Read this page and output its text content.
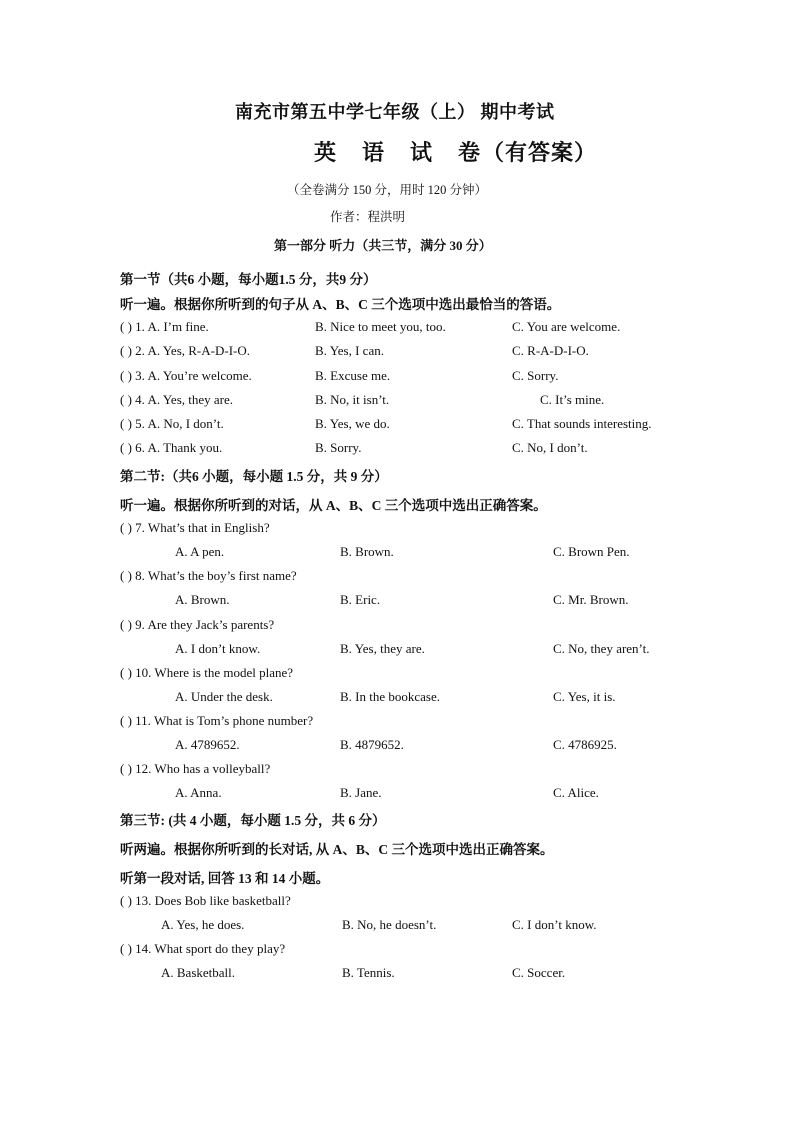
南充市第五中学七年级（上） 期中考试
英 语 试 卷 （有答案）
（全卷满分 150 分，用时 120 分钟）
作者：程洪明
第一部分 听力（共三节，满分 30 分）
第一节（共6 小题，每小题1.5 分，共9 分）
听一遍。根据你所听到的句子从 A、B、C 三个选项中选出最恰当的答语。
( ) 1. A. I’m fine.	B. Nice to meet you, too.	C. You are welcome.
( ) 2. A. Yes, R-A-D-I-O.	B. Yes, I can.	C. R-A-D-I-O.
( ) 3. A. You’re welcome.	B. Excuse me.	C. Sorry.
( ) 4. A. Yes, they are.	B. No, it isn’t.	C. It’s mine.
( ) 5. A. No, I don’t.	B. Yes, we do.	C. That sounds interesting.
( ) 6. A. Thank you.	B. Sorry.	C. No, I don’t.
第二节:（共6 小题，每小题 1.5 分，共 9 分）
听一遍。根据你所听到的对话，从 A、B、C 三个选项中选出正确答案。
( ) 7. What’s that in English?
A. A pen.	B. Brown.	C. Brown Pen.
( ) 8. What’s the boy’s first name?
A. Brown.	B. Eric.	C. Mr. Brown.
( ) 9. Are they Jack’s parents?
A. I don’t know.	B. Yes, they are.	C. No, they aren’t.
( ) 10. Where is the model plane?
A. Under the desk.	B. In the bookcase.	C. Yes, it is.
( ) 11. What is Tom’s phone number?
A. 4789652.	B. 4879652.	C. 4786925.
( ) 12. Who has a volleyball?
A. Anna.	B. Jane.	C. Alice.
第三节: (共 4 小题，每小题 1.5 分，共 6 分）
听两遍。根据你所听到的长对话, 从 A、B、C 三个选项中选出正确答案。
听第一段对话, 回答 13 和 14 小题。
( ) 13. Does Bob like basketball?
A. Yes, he does.	B. No, he doesn’t.	C. I don’t know.
( ) 14. What sport do they play?
A. Basketball.	B. Tennis.	C. Soccer.
